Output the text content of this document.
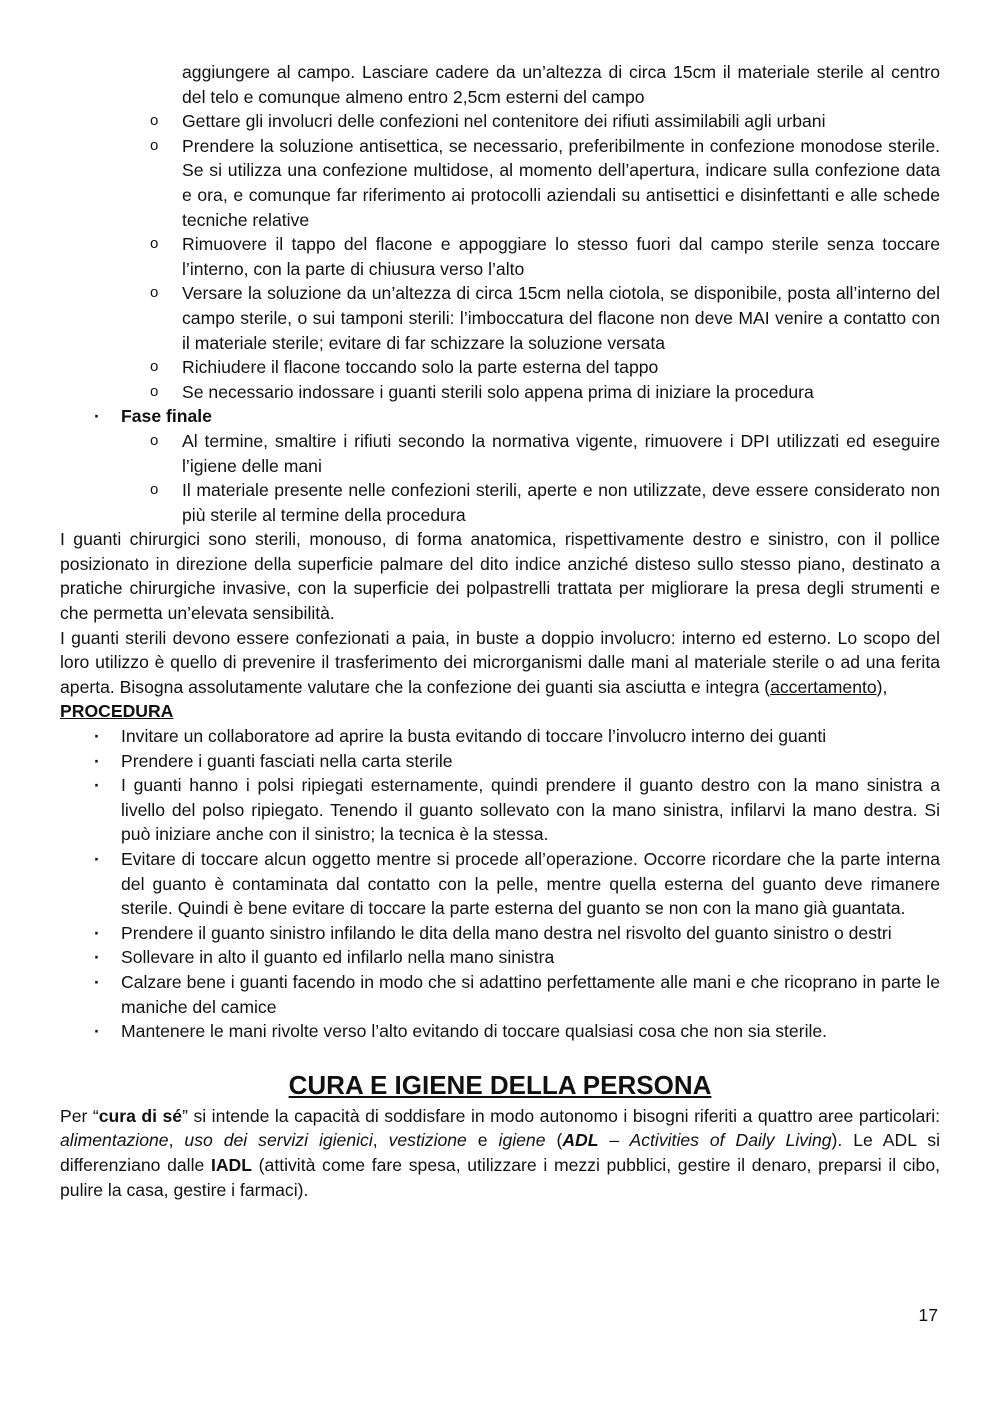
aggiungere al campo. Lasciare cadere da un’altezza di circa 15cm il materiale sterile al centro del telo e comunque almeno entro 2,5cm esterni del campo

o Gettare gli involucri delle confezioni nel contenitore dei rifiuti assimilabili agli urbani
o Prendere la soluzione antisettica, se necessario, preferibilmente in confezione monodose sterile. Se si utilizza una confezione multidose, al momento dell’apertura, indicare sulla confezione data e ora, e comunque far riferimento ai protocolli aziendali su antisettici e disinfettanti e alle schede tecniche relative
o Rimuovere il tappo del flacone e appoggiare lo stesso fuori dal campo sterile senza toccare l’interno, con la parte di chiusura verso l’alto
o Versare la soluzione da un’altezza di circa 15cm nella ciotola, se disponibile, posta all’interno del campo sterile, o sui tamponi sterili: l’imboccatura del flacone non deve MAI venire a contatto con il materiale sterile; evitare di far schizzare la soluzione versata
o Richiudere il flacone toccando solo la parte esterna del tappo
o Se necessario indossare i guanti sterili solo appena prima di iniziare la procedura

· Fase finale

o Al termine, smaltire i rifiuti secondo la normativa vigente, rimuovere i DPI utilizzati ed eseguire l’igiene delle mani
o Il materiale presente nelle confezioni sterili, aperte e non utilizzate, deve essere considerato non più sterile al termine della procedura

I guanti chirurgici sono sterili, monouso, di forma anatomica, rispettivamente destro e sinistro, con il pollice posizionato in direzione della superficie palmare del dito indice anziché disteso sullo stesso piano, destinato a pratiche chirurgiche invasive, con la superficie dei polpastrelli trattata per migliorare la presa degli strumenti e che permetta un’elevata sensibilità.

I guanti sterili devono essere confezionati a paia, in buste a doppio involucro: interno ed esterno. Lo scopo del loro utilizzo è quello di prevenire il trasferimento dei microrganismi dalle mani al materiale sterile o ad una ferita aperta. Bisogna assolutamente valutare che la confezione dei guanti sia asciutta e integra (accertamento),

PROCEDURA

· Invitare un collaboratore ad aprire la busta evitando di toccare l’involucro interno dei guanti
· Prendere i guanti fasciati nella carta sterile
· I guanti hanno i polsi ripiegati esternamente, quindi prendere il guanto destro con la mano sinistra a livello del polso ripiegato. Tenendo il guanto sollevato con la mano sinistra, infilarvi la mano destra. Si può iniziare anche con il sinistro; la tecnica è la stessa.
· Evitare di toccare alcun oggetto mentre si procede all’operazione. Occorre ricordare che la parte interna del guanto è contaminata dal contatto con la pelle, mentre quella esterna del guanto deve rimanere sterile. Quindi è bene evitare di toccare la parte esterna del guanto se non con la mano già guantata.
· Prendere il guanto sinistro infilando le dita della mano destra nel risvolto del guanto sinistro o destri
· Sollevare in alto il guanto ed infilarlo nella mano sinistra
· Calzare bene i guanti facendo in modo che si adattino perfettamente alle mani e che ricoprano in parte le maniche del camice
· Mantenere le mani rivolte verso l’alto evitando di toccare qualsiasi cosa che non sia sterile.
CURA E IGIENE DELLA PERSONA

Per “cura di sé” si intende la capacità di soddisfare in modo autonomo i bisogni riferiti a quattro aree particolari: alimentazione, uso dei servizi igienici, vestizione e igiene (ADL – Activities of Daily Living). Le ADL si differenziano dalle IADL (attività come fare spesa, utilizzare i mezzi pubblici, gestire il denaro, preparsi il cibo, pulire la casa, gestire i farmaci).

17
